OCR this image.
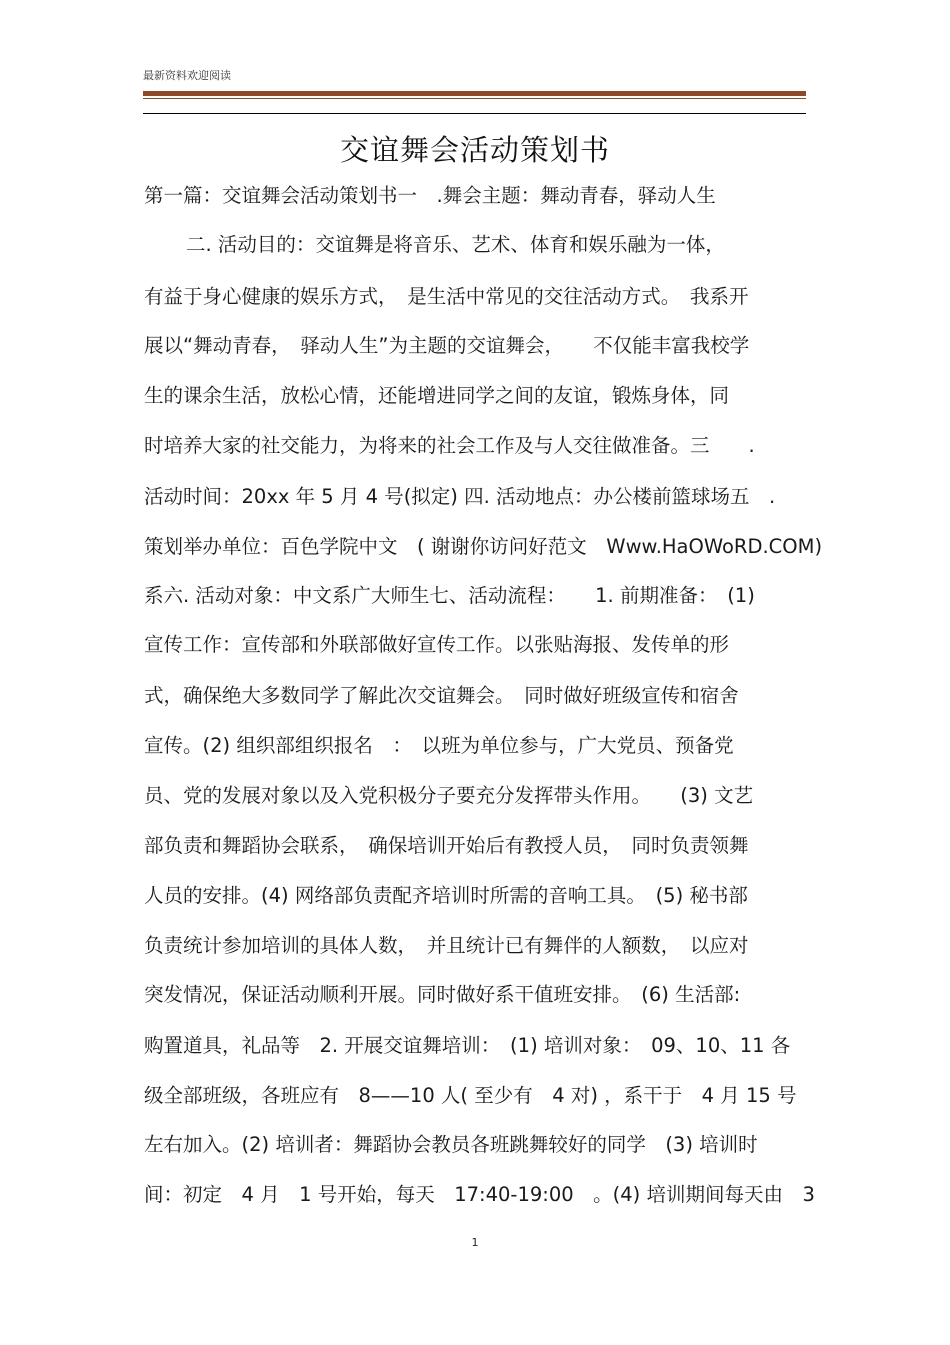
最新资料欢迎阅读
交谊舞会活动策划书
第一篇：交谊舞会活动策划书一　.舞会主题：舞动青春，驿动人生
二. 活动目的：交谊舞是将音乐、艺术、体育和娱乐融为一体，
有益于身心健康的娱乐方式，　是生活中常见的交往活动方式。　我系开
展以“舞动青春，　驿动人生”为主题的交谊舞会，　　不仅能丰富我校学
生的课余生活，放松心情，还能增进同学之间的友谊，锻炼身体，同
时培养大家的社交能力，为将来的社会工作及与人交往做准备。三　　.
活动时间：20xx 年 5 月 4 号(拟定) 四. 活动地点：办公楼前篮球场五　.
策划举办单位：百色学院中文　( 谢谢你访问好范文　Www.HaOWoRD.COM)
系六. 活动对象：中文系广大师生七、活动流程：　　1. 前期准备：　(1)
宣传工作：宣传部和外联部做好宣传工作。以张贴海报、发传单的形
式，确保绝大多数同学了解此次交谊舞会。　同时做好班级宣传和宿舍
宣传。(2) 组织部组织报名　：　以班为单位参与，广大党员、预备党
员、党的发展对象以及入党积极分子要充分发挥带头作用。　　(3) 文艺
部负责和舞蹈协会联系，　确保培训开始后有教授人员，　同时负责领舞
人员的安排。(4) 网络部负责配齐培训时所需的音响工具。　(5) 秘书部
负责统计参加培训的具体人数，　并且统计已有舞伴的人额数，　以应对
突发情况，保证活动顺利开展。同时做好系干值班安排。　(6) 生活部:
购置道具，礼品等　2. 开展交谊舞培训：　(1) 培训对象：　09、10、11 各
级全部班级，各班应有　8——10 人( 至少有　4 对) ，系干于　4 月 15 号
左右加入。(2) 培训者：舞蹈协会教员各班跳舞较好的同学　(3) 培训时
间：初定　4 月　1 号开始，每天　17:40-19:00　。(4) 培训期间每天由　3
1
